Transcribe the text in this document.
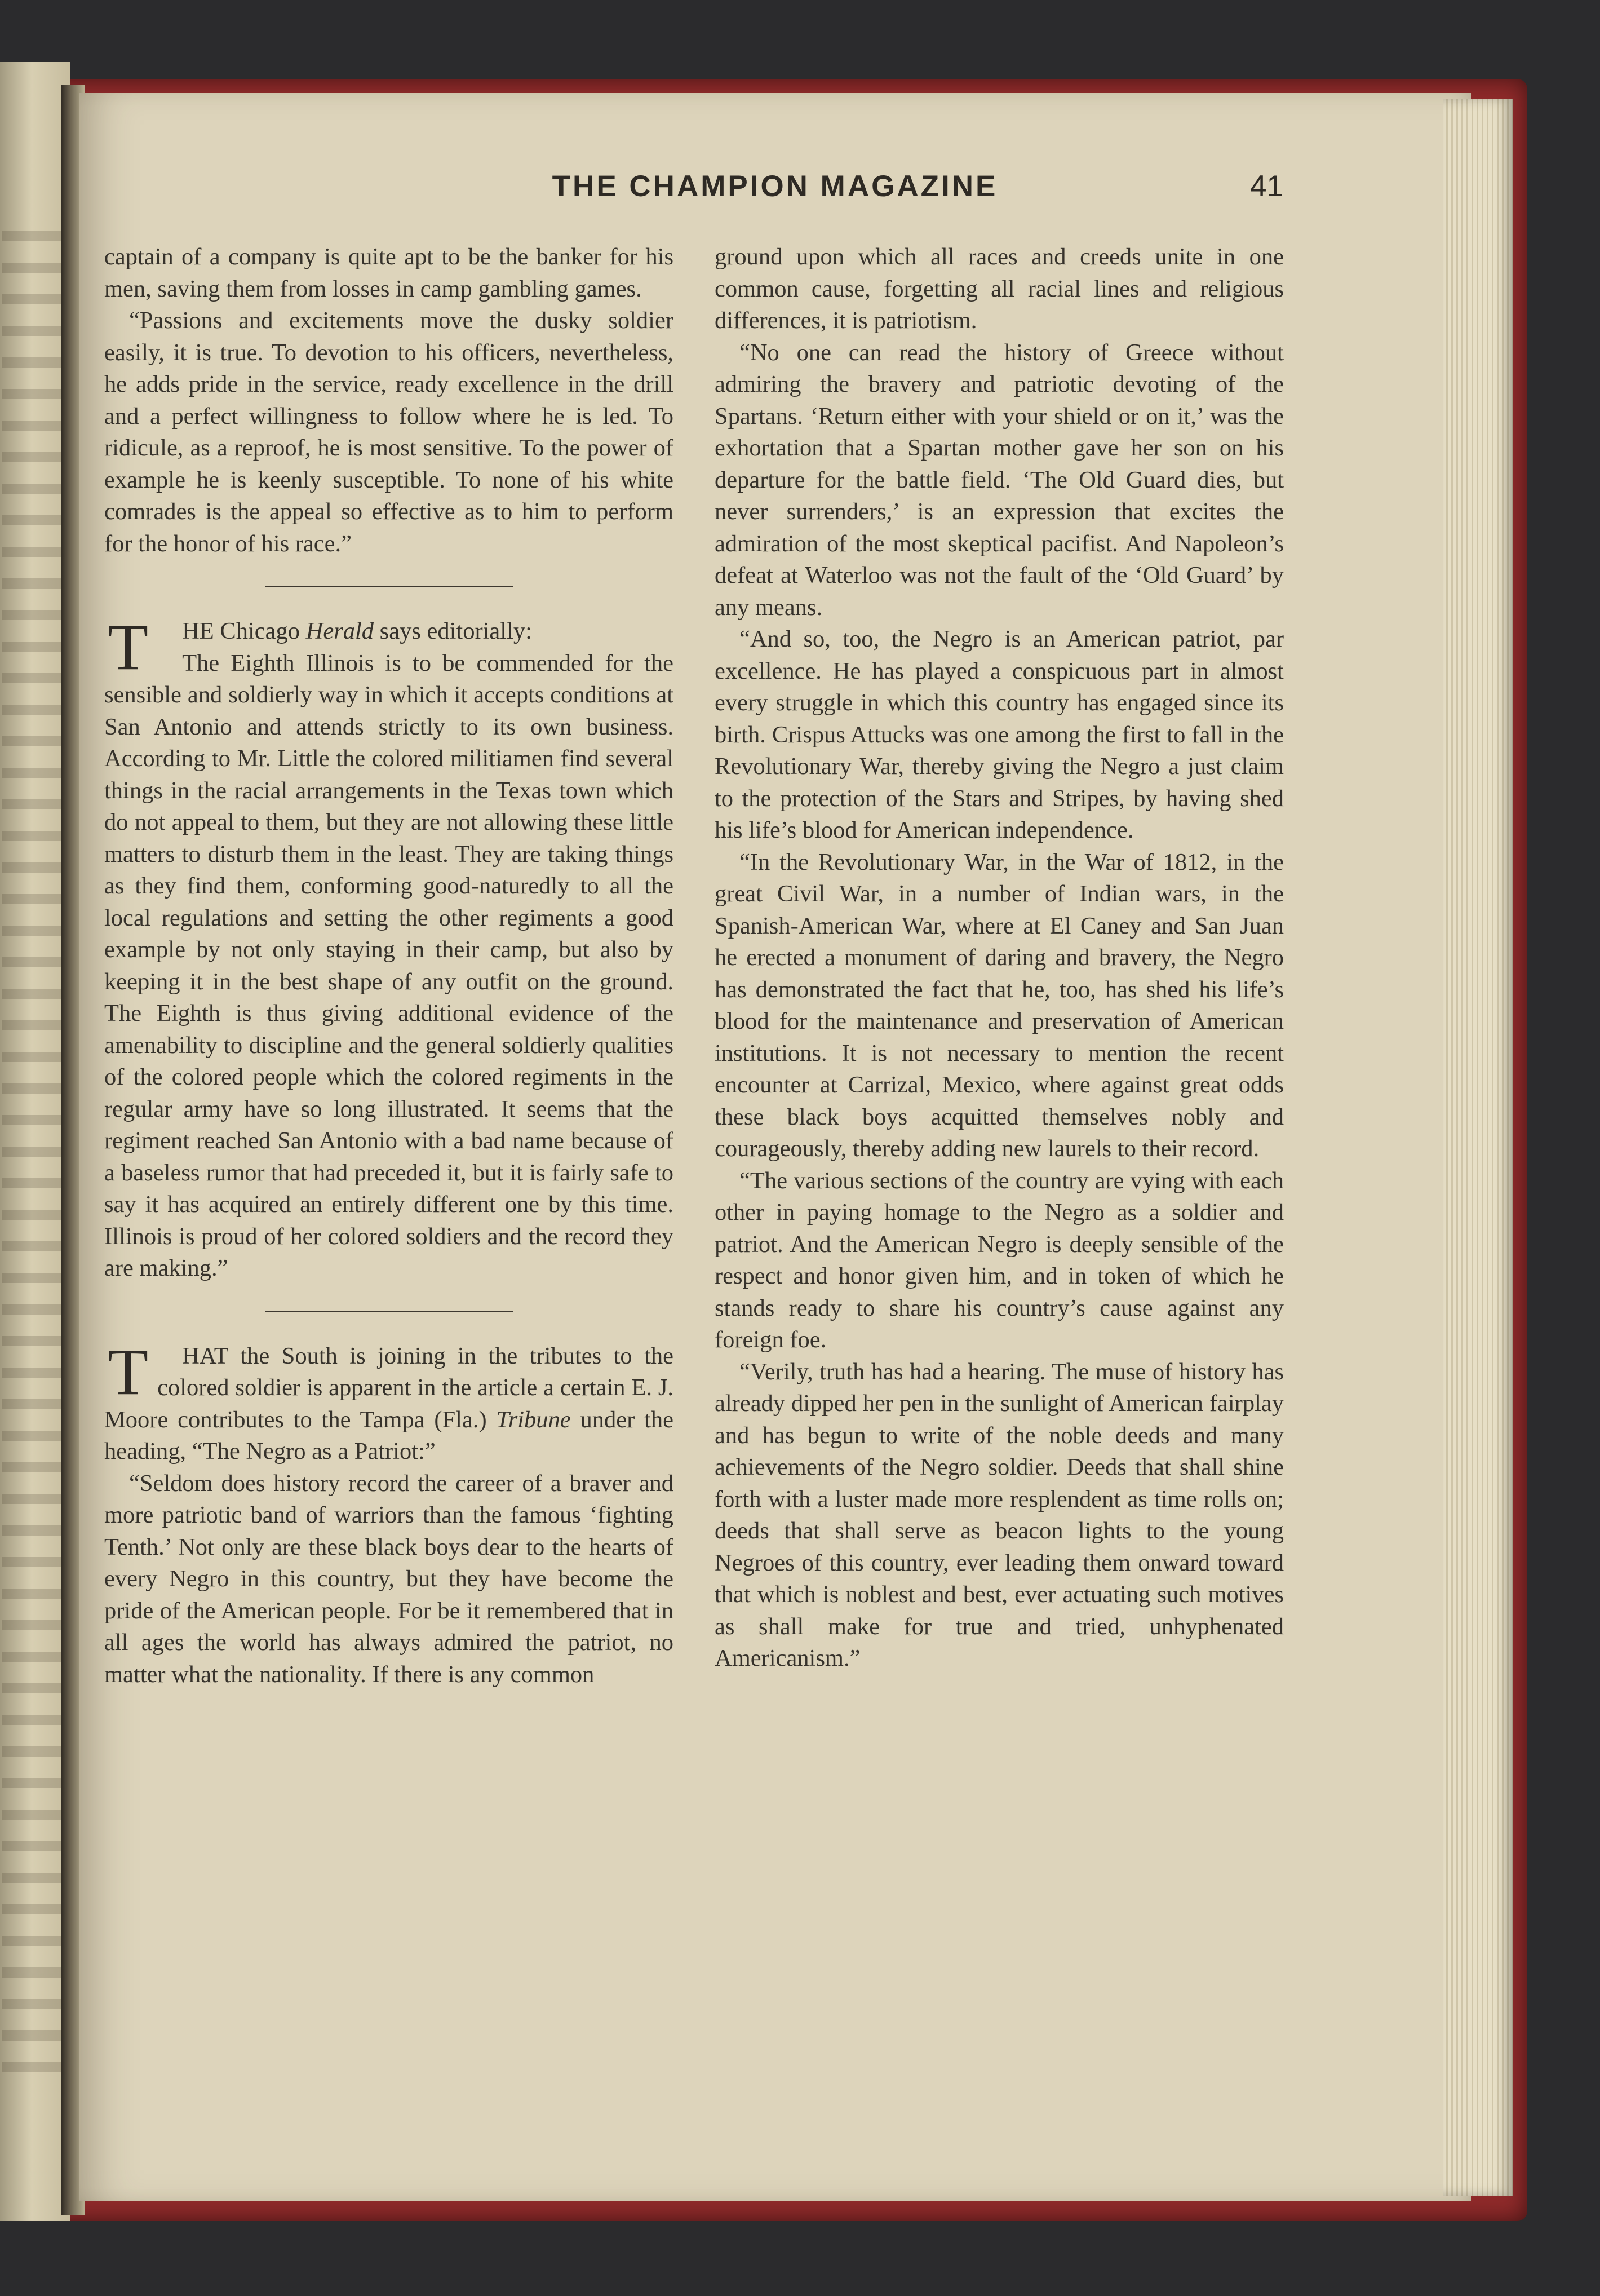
THE CHAMPION MAGAZINE	41

captain of a company is quite apt to be the banker for his men, saving them from losses in camp gambling games.

“Passions and excitements move the dusky soldier easily, it is true. To devotion to his officers, nevertheless, he adds pride in the service, ready excellence in the drill and a perfect willingness to follow where he is led. To ridicule, as a reproof, he is most sensitive. To the power of example he is keenly susceptible. To none of his white comrades is the appeal so effective as to him to perform for the honor of his race.”

T	HE Chicago Herald says editorially:

The Eighth Illinois is to be commended for the sensible and soldierly way in which it accepts conditions at San Antonio and attends strictly to its own business. According to Mr. Little the colored militiamen find several things in the racial arrangements in the Texas town which do not appeal to them, but they are not allowing these little matters to disturb them in the least. They are taking things as they find them, conforming good-naturedly to all the local regulations and setting the other regiments a good example by not only staying in their camp, but also by keeping it in the best shape of any outfit on the ground. The Eighth is thus giving additional evidence of the amenability to discipline and the general soldierly qualities of the colored people which the colored regiments in the regular army have so long illustrated. It seems that the regiment reached San Antonio with a bad name because of a baseless rumor that had preceded it, but it is fairly safe to say it has acquired an entirely different one by this time. Illinois is proud of her colored soldiers and the record they are making.”

T	HAT the South is joining in the tributes to the colored soldier is apparent in the article a certain E. J. Moore contributes to the Tampa (Fla.) Tribune under the heading, “The Negro as a Patriot:”

“Seldom does history record the career of a braver and more patriotic band of warriors than the famous ‘fighting Tenth.’ Not only are these black boys dear to the hearts of every Negro in this country, but they have become the pride of the American people. For be it remembered that in all ages the world has always admired the patriot, no matter what the nationality. If there is any common

ground upon which all races and creeds unite in one common cause, forgetting all racial lines and religious differences, it is patriotism.

“No one can read the history of Greece without admiring the bravery and patriotic devoting of the Spartans. ‘Return either with your shield or on it,’ was the exhortation that a Spartan mother gave her son on his departure for the battle field. ‘The Old Guard dies, but never surrenders,’ is an expression that excites the admiration of the most skeptical pacifist. And Napoleon’s defeat at Waterloo was not the fault of the ‘Old Guard’ by any means.

“And so, too, the Negro is an American patriot, par excellence. He has played a conspicuous part in almost every struggle in which this country has engaged since its birth. Crispus Attucks was one among the first to fall in the Revolutionary War, thereby giving the Negro a just claim to the protection of the Stars and Stripes, by having shed his life’s blood for American independence.

“In the Revolutionary War, in the War of 1812, in the great Civil War, in a number of Indian wars, in the Spanish-American War, where at El Caney and San Juan he erected a monument of daring and bravery, the Negro has demonstrated the fact that he, too, has shed his life’s blood for the maintenance and preservation of American institutions. It is not necessary to mention the recent encounter at Carrizal, Mexico, where against great odds these black boys acquitted themselves nobly and courageously, thereby adding new laurels to their record.

“The various sections of the country are vying with each other in paying homage to the Negro as a soldier and patriot. And the American Negro is deeply sensible of the respect and honor given him, and in token of which he stands ready to share his country’s cause against any foreign foe.

“Verily, truth has had a hearing. The muse of history has already dipped her pen in the sunlight of American fairplay and has begun to write of the noble deeds and many achievements of the Negro soldier. Deeds that shall shine forth with a luster made more resplendent as time rolls on; deeds that shall serve as beacon lights to the young Negroes of this country, ever leading them onward toward that which is noblest and best, ever actuating such motives as shall make for true and tried, unhyphenated Americanism.”
